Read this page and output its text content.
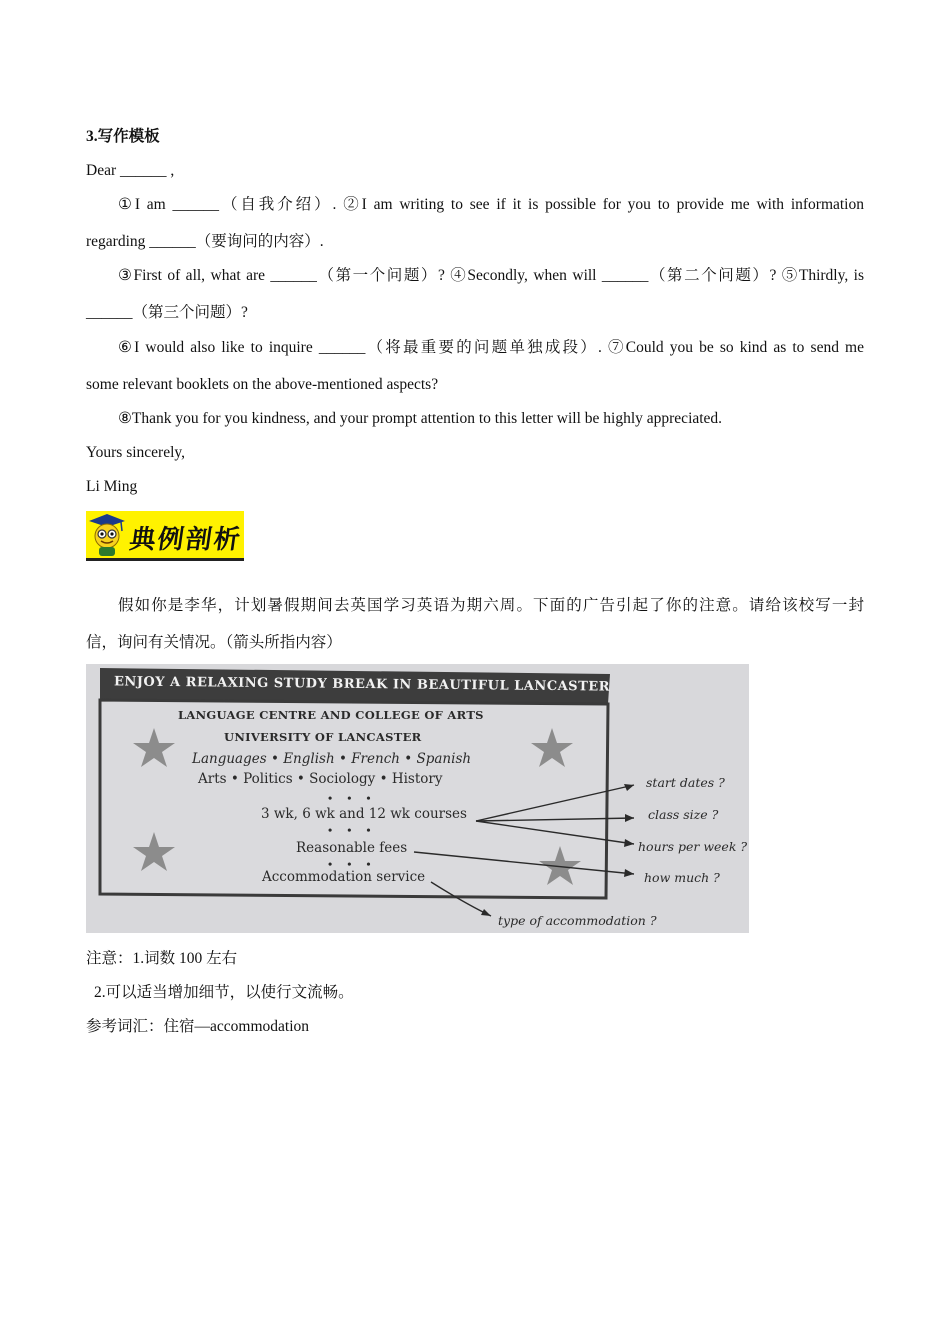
3.写作模板
Dear ______ ,
①I am ______（自我介绍）. ②I am writing to see if it is possible for you to provide me with information
regarding ______（要询问的内容）.
③First of all, what are ______（第一个问题）? ④Secondly, when will ______（第二个问题）? ⑤Thirdly, is
______（第三个问题）?
⑥I would also like to inquire ______（将最重要的问题单独成段）. ⑦Could you be so kind as to send me
some relevant booklets on the above-mentioned aspects?
⑧Thank you for you kindness, and your prompt attention to this letter will be highly appreciated.
Yours sincerely,
Li Ming
典例剖析
假如你是李华，计划暑假期间去英国学习英语为期六周。下面的广告引起了你的注意。请给该校写一封
信，询问有关情况。（箭头所指内容）
ENJOY A RELAXING STUDY BREAK IN BEAUTIFUL LANCASTER
LANGUAGE CENTRE AND COLLEGE OF ARTS
UNIVERSITY OF LANCASTER
Languages • English • French • Spanish
Arts • Politics • Sociology • History
• • •
3 wk, 6 wk and 12 wk courses
• • •
Reasonable fees
• • •
Accommodation service
start dates ?
class size ?
hours per week ?
how much ?
type of accommodation ?
注意：1.词数 100 左右
2.可以适当增加细节，以使行文流畅。
参考词汇：住宿—accommodation
